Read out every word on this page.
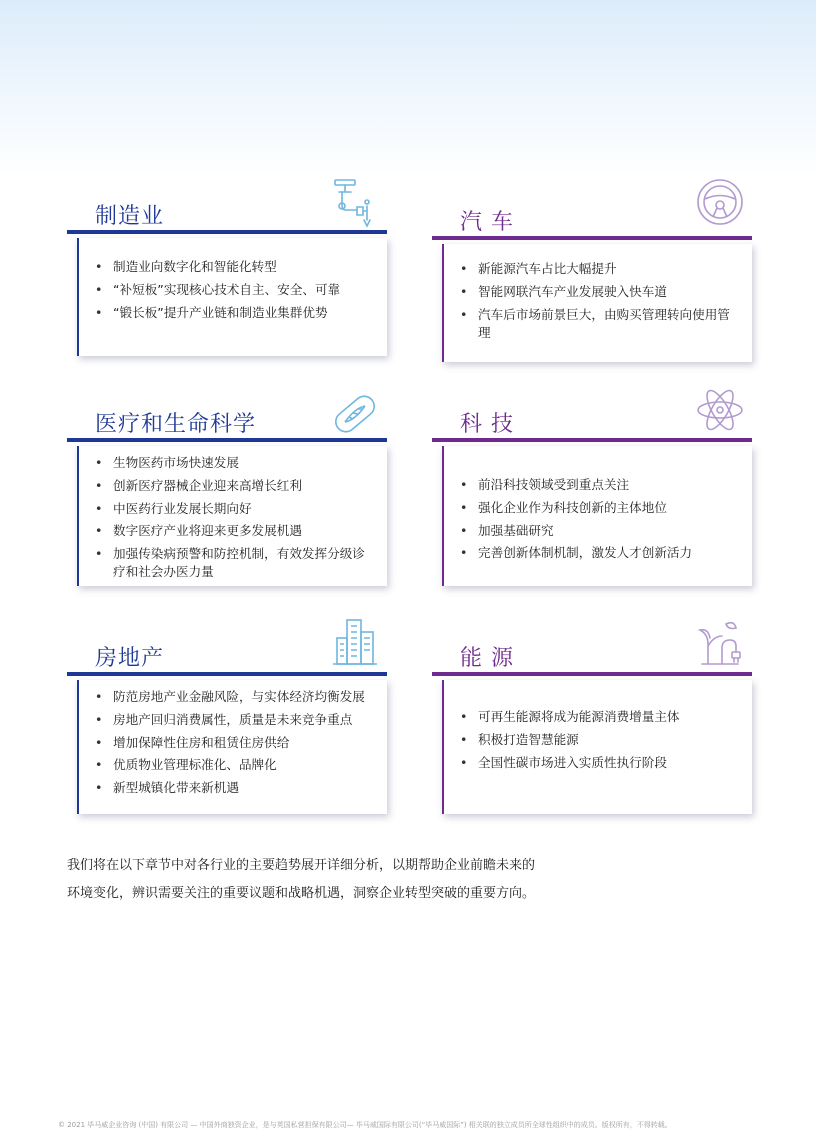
制造业
• 制造业向数字化和智能化转型
• “补短板”实现核心技术自主、安全、可靠
• “锻长板”提升产业链和制造业集群优势
汽 车
• 新能源汽车占比大幅提升
• 智能网联汽车产业发展驶入快车道
• 汽车后市场前景巨大，由购买管理转向使用管理
医疗和生命科学
• 生物医药市场快速发展
• 创新医疗器械企业迎来高增长红利
• 中医药行业发展长期向好
• 数字医疗产业将迎来更多发展机遇
• 加强传染病预警和防控机制，有效发挥分级诊疗和社会办医力量
科 技
• 前沿科技领域受到重点关注
• 强化企业作为科技创新的主体地位
• 加强基础研究
• 完善创新体制机制，激发人才创新活力
房地产
• 防范房地产业金融风险，与实体经济均衡发展
• 房地产回归消费属性，质量是未来竞争重点
• 增加保障性住房和租赁住房供给
• 优质物业管理标准化、品牌化
• 新型城镇化带来新机遇
能 源
• 可再生能源将成为能源消费增量主体
• 积极打造智慧能源
• 全国性碳市场进入实质性执行阶段

我们将在以下章节中对各行业的主要趋势展开详细分析，以期帮助企业前瞻未来的

环境变化，辨识需要关注的重要议题和战略机遇，洞察企业转型突破的重要方向。

© 2021 毕马威企业咨询 (中国) 有限公司 — 中国外商独资企业，是与英国私营担保有限公司— 毕马威国际有限公司(“毕马威国际”) 相关联的独立成员所全球性组织中的成员。版权所有，不得转载。
